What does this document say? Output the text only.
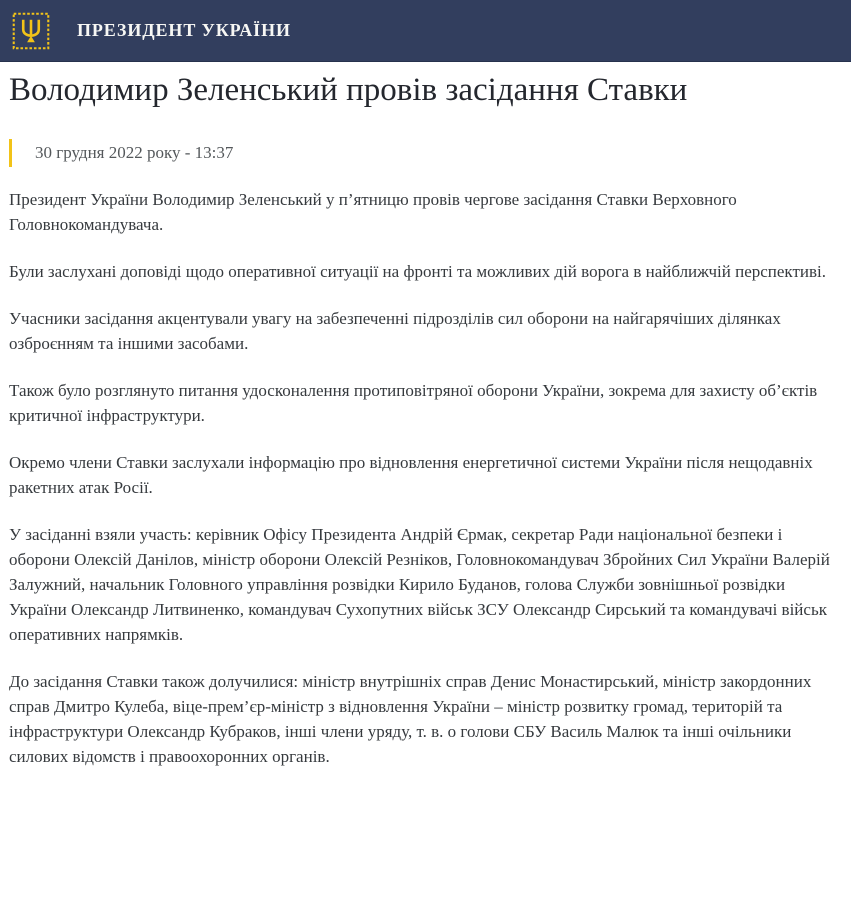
ПРЕЗИДЕНТ УКРАЇНИ
Володимир Зеленський провів засідання Ставки
30 грудня 2022 року - 13:37

Президент України Володимир Зеленський у п’ятницю провів чергове засідання Ставки Верховного Головнокомандувача.

Були заслухані доповіді щодо оперативної ситуації на фронті та можливих дій ворога в найближчій перспективі.

Учасники засідання акцентували увагу на забезпеченні підрозділів сил оборони на найгарячіших ділянках озброєнням та іншими засобами.

Також було розглянуто питання удосконалення протиповітряної оборони України, зокрема для захисту об’єктів критичної інфраструктури.

Окремо члени Ставки заслухали інформацію про відновлення енергетичної системи України після нещодавніх ракетних атак Росії.

У засіданні взяли участь: керівник Офісу Президента Андрій Єрмак, секретар Ради національної безпеки і оборони Олексій Данілов, міністр оборони Олексій Резніков, Головнокомандувач Збройних Сил України Валерій Залужний, начальник Головного управління розвідки Кирило Буданов, голова Служби зовнішньої розвідки України Олександр Литвиненко, командувач Сухопутних військ ЗСУ Олександр Сирський та командувачі військ оперативних напрямків.

До засідання Ставки також долучилися: міністр внутрішніх справ Денис Монастирський, міністр закордонних справ Дмитро Кулеба, віце-прем’єр-міністр з відновлення України – міністр розвитку громад, територій та інфраструктури Олександр Кубраков, інші члени уряду, т. в. о голови СБУ Василь Малюк та інші очільники силових відомств і правоохоронних органів.
